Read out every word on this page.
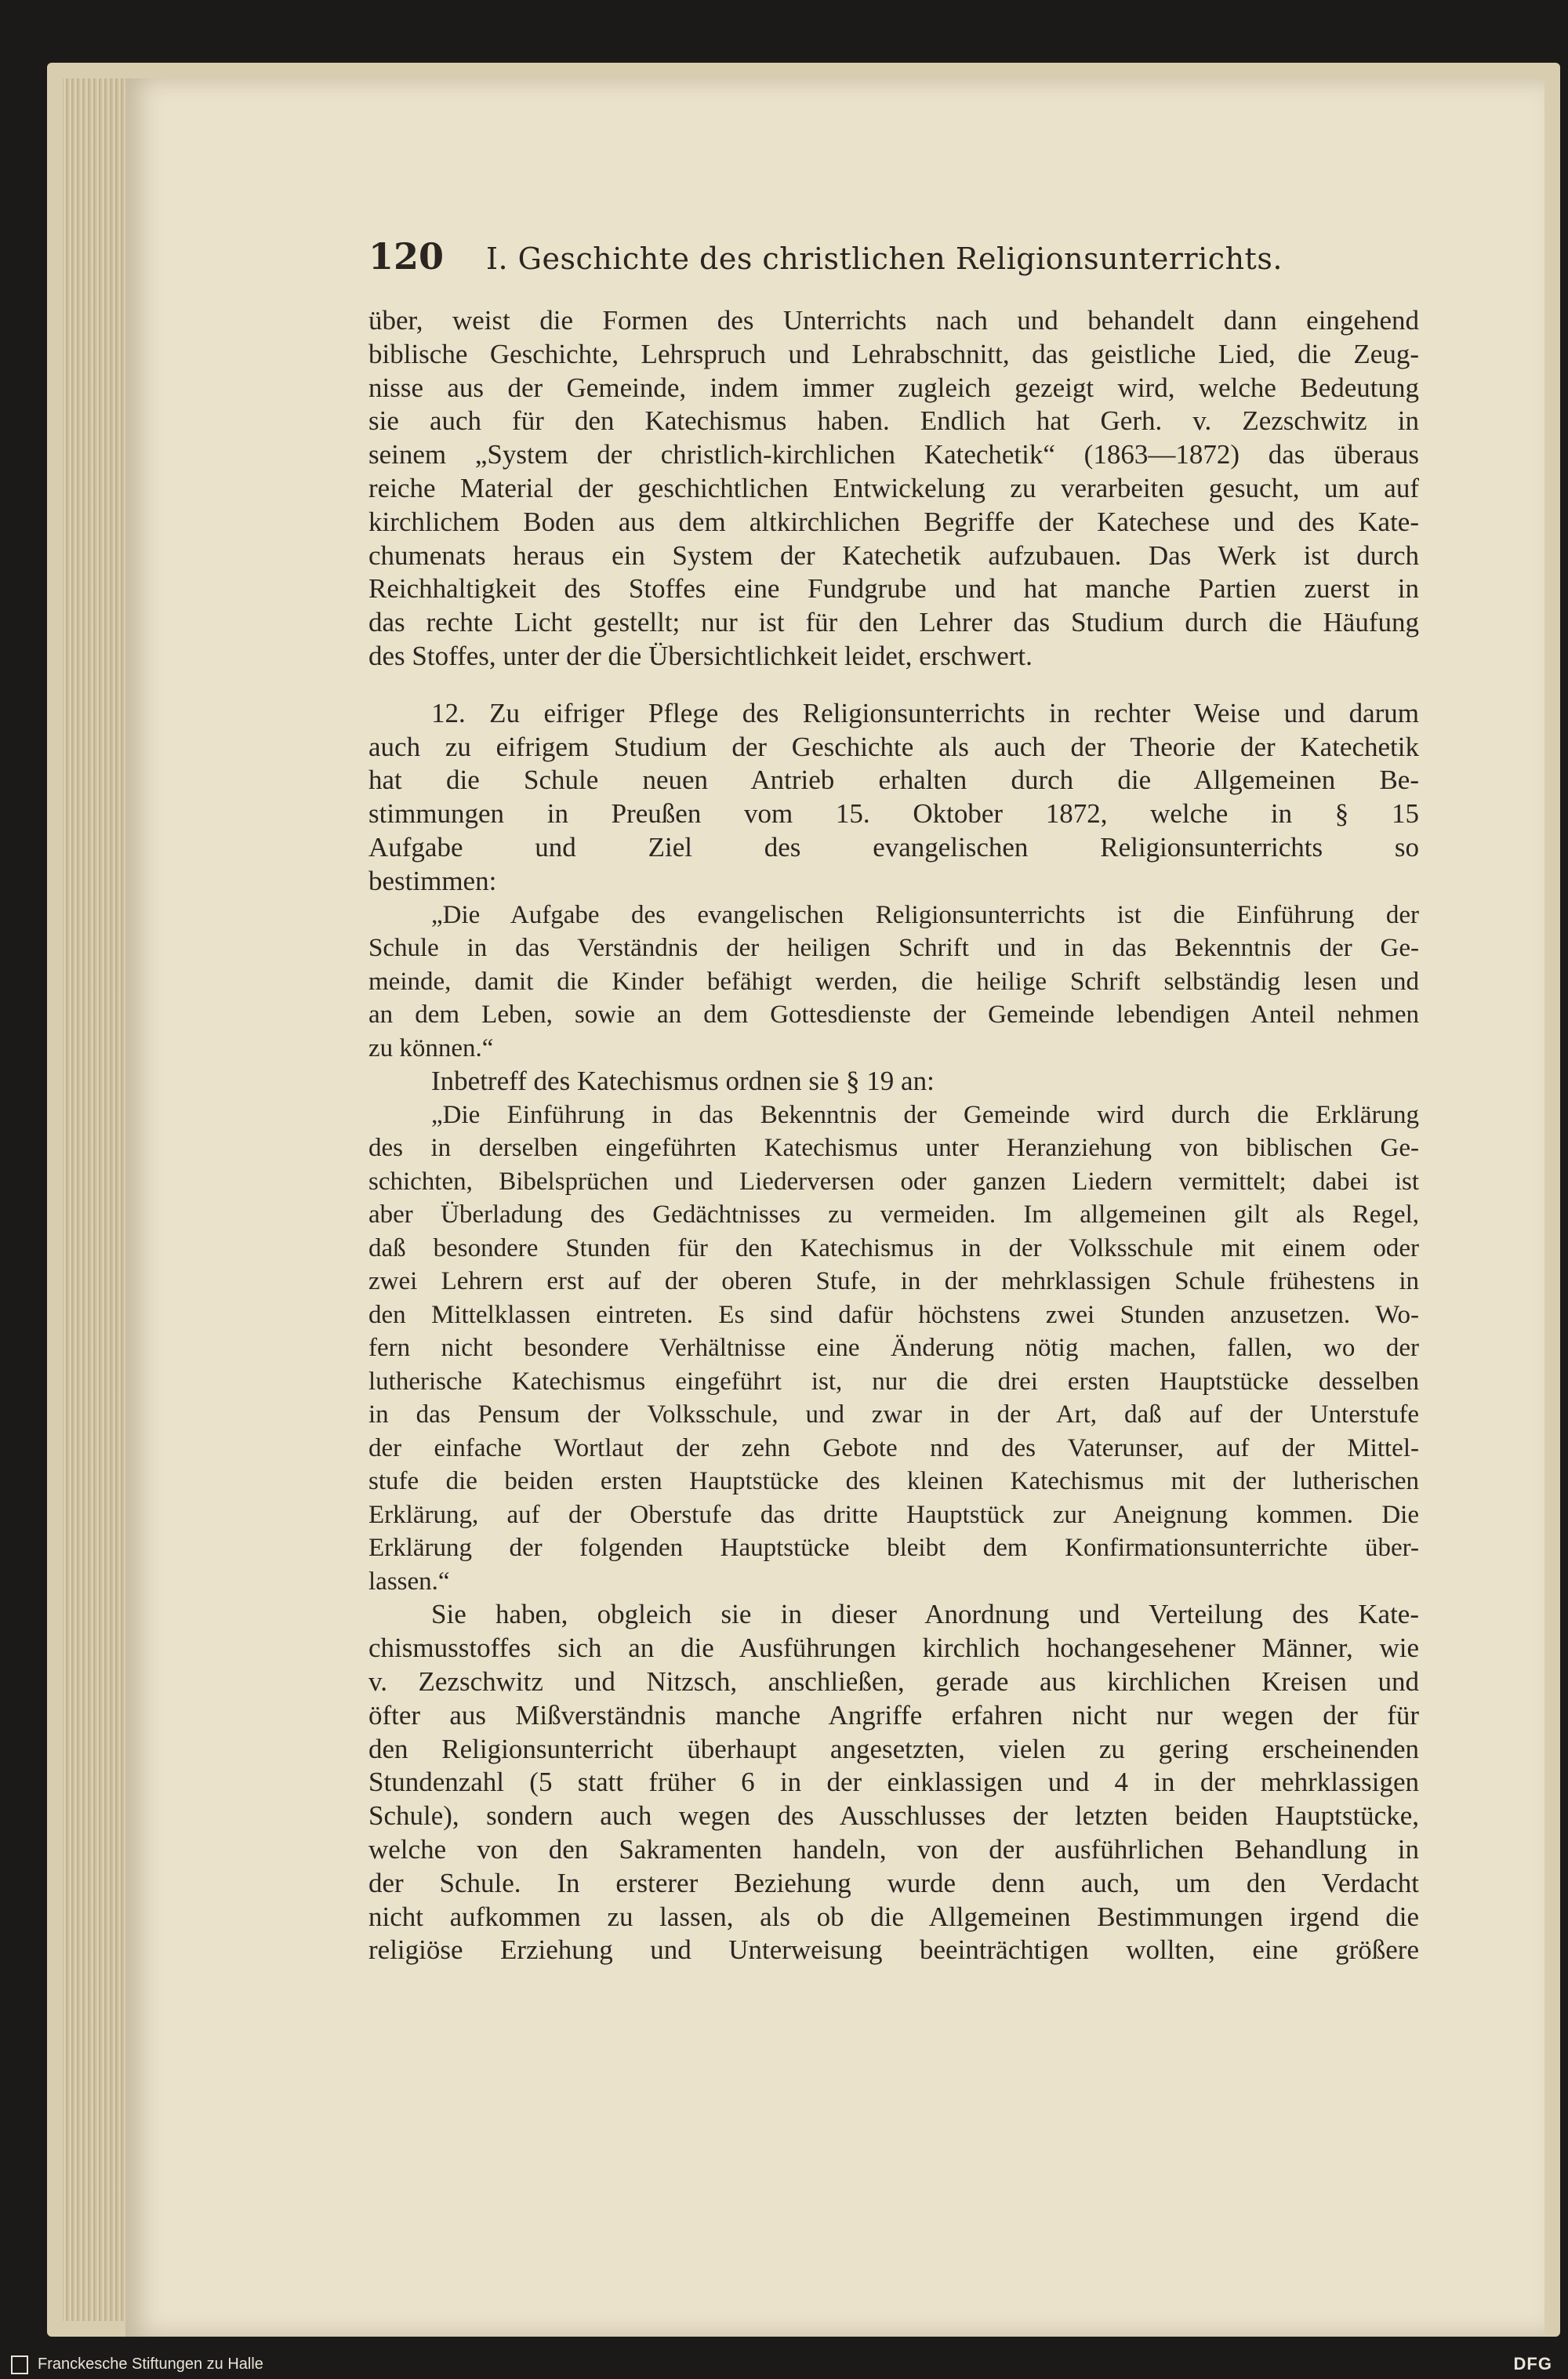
120	I. Geschichte des christlichen Religionsunterrichts.
über, weist die Formen des Unterrichts nach und behandelt dann eingehend
biblische Geschichte, Lehrspruch und Lehrabschnitt, das geistliche Lied, die Zeug-
nisse aus der Gemeinde, indem immer zugleich gezeigt wird, welche Bedeutung
sie auch für den Katechismus haben. Endlich hat Gerh. v. Zezschwitz in
seinem „System der christlich-kirchlichen Katechetik“ (1863—1872) das überaus
reiche Material der geschichtlichen Entwickelung zu verarbeiten gesucht, um auf
kirchlichem Boden aus dem altkirchlichen Begriffe der Katechese und des Kate-
chumenats heraus ein System der Katechetik aufzubauen. Das Werk ist durch
Reichhaltigkeit des Stoffes eine Fundgrube und hat manche Partien zuerst in
das rechte Licht gestellt; nur ist für den Lehrer das Studium durch die Häufung
des Stoffes, unter der die Übersichtlichkeit leidet, erschwert.
12. Zu eifriger Pflege des Religionsunterrichts in rechter Weise und darum
auch zu eifrigem Studium der Geschichte als auch der Theorie der Katechetik
hat die Schule neuen Antrieb erhalten durch die Allgemeinen Be-
stimmungen in Preußen vom 15. Oktober 1872, welche in § 15
Aufgabe und Ziel des evangelischen Religionsunterrichts so
bestimmen:
„Die Aufgabe des evangelischen Religionsunterrichts ist die Einführung der
Schule in das Verständnis der heiligen Schrift und in das Bekenntnis der Ge-
meinde, damit die Kinder befähigt werden, die heilige Schrift selbständig lesen und
an dem Leben, sowie an dem Gottesdienste der Gemeinde lebendigen Anteil nehmen
zu können.“
Inbetreff des Katechismus ordnen sie § 19 an:
„Die Einführung in das Bekenntnis der Gemeinde wird durch die Erklärung
des in derselben eingeführten Katechismus unter Heranziehung von biblischen Ge-
schichten, Bibelsprüchen und Liederversen oder ganzen Liedern vermittelt; dabei ist
aber Überladung des Gedächtnisses zu vermeiden. Im allgemeinen gilt als Regel,
daß besondere Stunden für den Katechismus in der Volksschule mit einem oder
zwei Lehrern erst auf der oberen Stufe, in der mehrklassigen Schule frühestens in
den Mittelklassen eintreten. Es sind dafür höchstens zwei Stunden anzusetzen. Wo-
fern nicht besondere Verhältnisse eine Änderung nötig machen, fallen, wo der
lutherische Katechismus eingeführt ist, nur die drei ersten Hauptstücke desselben
in das Pensum der Volksschule, und zwar in der Art, daß auf der Unterstufe
der einfache Wortlaut der zehn Gebote nnd des Vaterunser, auf der Mittel-
stufe die beiden ersten Hauptstücke des kleinen Katechismus mit der lutherischen
Erklärung, auf der Oberstufe das dritte Hauptstück zur Aneignung kommen. Die
Erklärung der folgenden Hauptstücke bleibt dem Konfirmationsunterrichte über-
lassen.“
Sie haben, obgleich sie in dieser Anordnung und Verteilung des Kate-
chismusstoffes sich an die Ausführungen kirchlich hochangesehener Männer, wie
v. Zezschwitz und Nitzsch, anschließen, gerade aus kirchlichen Kreisen und
öfter aus Mißverständnis manche Angriffe erfahren nicht nur wegen der für
den Religionsunterricht überhaupt angesetzten, vielen zu gering erscheinenden
Stundenzahl (5 statt früher 6 in der einklassigen und 4 in der mehrklassigen
Schule), sondern auch wegen des Ausschlusses der letzten beiden Hauptstücke,
welche von den Sakramenten handeln, von der ausführlichen Behandlung in
der Schule. In ersterer Beziehung wurde denn auch, um den Verdacht
nicht aufkommen zu lassen, als ob die Allgemeinen Bestimmungen irgend die
religiöse Erziehung und Unterweisung beeinträchtigen wollten, eine größere
Franckesche Stiftungen zu Halle	DFG
